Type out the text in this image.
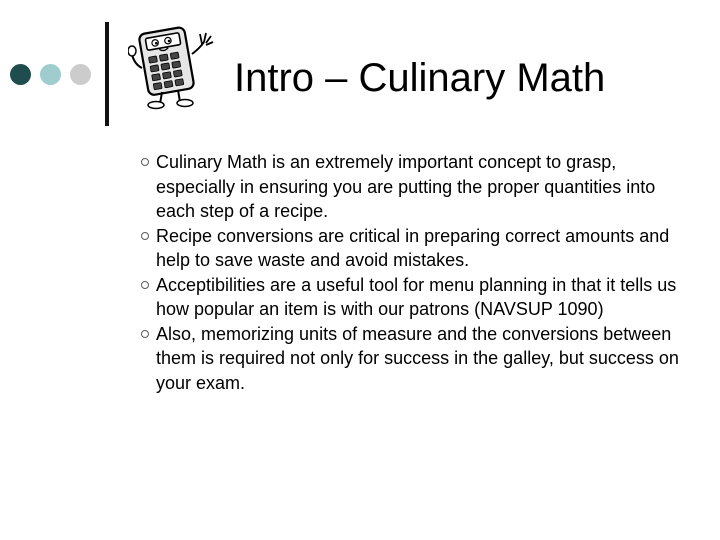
Intro – Culinary Math
Culinary Math is an extremely important concept to grasp, especially in ensuring you are putting the proper quantities into each step of a recipe.
Recipe conversions are critical in preparing correct amounts and help to save waste and avoid mistakes.
Acceptibilities are a useful tool for menu planning in that it tells us how popular an item is with our patrons (NAVSUP 1090)
Also, memorizing units of measure and the conversions between them is required not only for success in the galley, but success on your exam.
